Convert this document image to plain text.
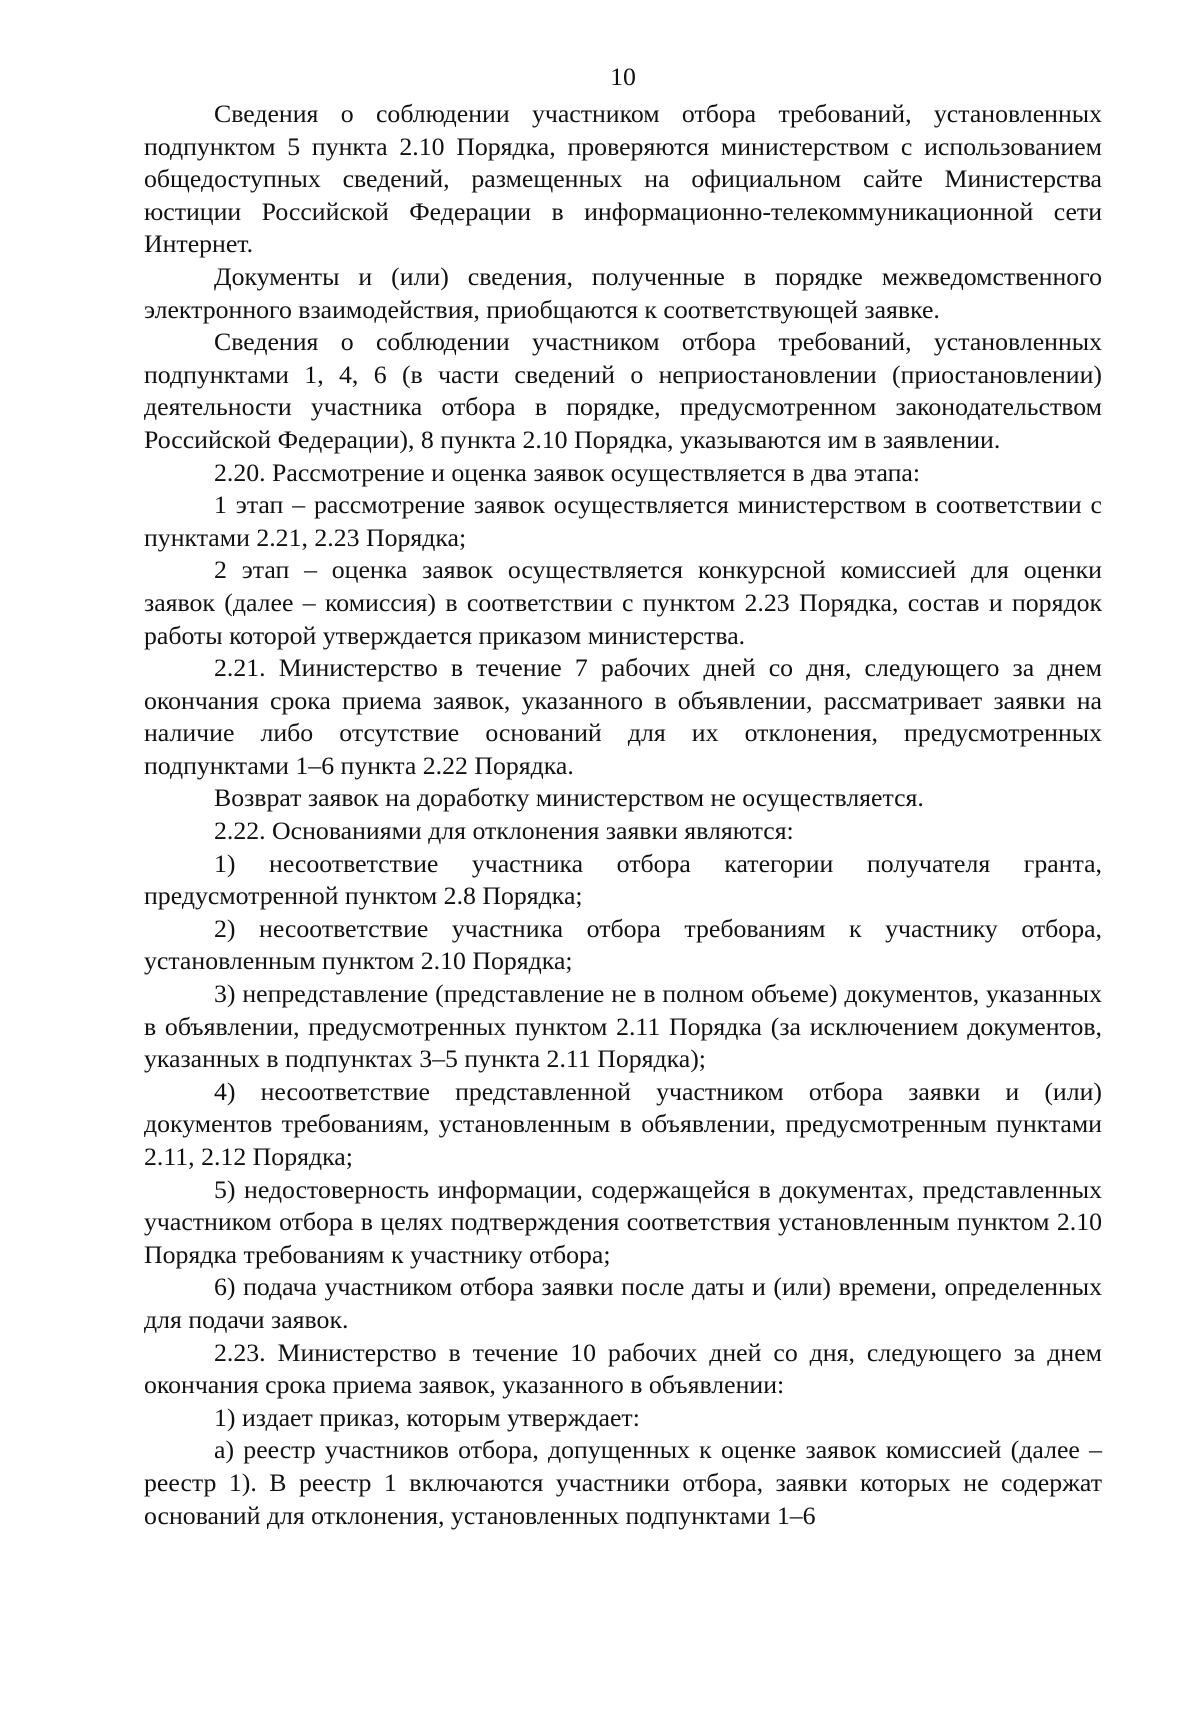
10

Сведения о соблюдении участником отбора требований, установленных подпунктом 5 пункта 2.10 Порядка, проверяются министерством с использованием общедоступных сведений, размещенных на официальном сайте Министерства юстиции Российской Федерации в информационно-телекоммуникационной сети Интернет.

Документы и (или) сведения, полученные в порядке межведомственного электронного взаимодействия, приобщаются к соответствующей заявке.

Сведения о соблюдении участником отбора требований, установленных подпунктами 1, 4, 6 (в части сведений о неприостановлении (приостановлении) деятельности участника отбора в порядке, предусмотренном законодательством Российской Федерации), 8 пункта 2.10 Порядка, указываются им в заявлении.

2.20. Рассмотрение и оценка заявок осуществляется в два этапа:

1 этап – рассмотрение заявок осуществляется министерством в соответствии с пунктами 2.21, 2.23 Порядка;

2 этап – оценка заявок осуществляется конкурсной комиссией для оценки заявок (далее – комиссия) в соответствии с пунктом 2.23 Порядка, состав и порядок работы которой утверждается приказом министерства.

2.21. Министерство в течение 7 рабочих дней со дня, следующего за днем окончания срока приема заявок, указанного в объявлении, рассматривает заявки на наличие либо отсутствие оснований для их отклонения, предусмотренных подпунктами 1–6 пункта 2.22 Порядка.

Возврат заявок на доработку министерством не осуществляется.

2.22. Основаниями для отклонения заявки являются:

1) несоответствие участника отбора категории получателя гранта, предусмотренной пунктом 2.8 Порядка;

2) несоответствие участника отбора требованиям к участнику отбора, установленным пунктом 2.10 Порядка;

3) непредставление (представление не в полном объеме) документов, указанных в объявлении, предусмотренных пунктом 2.11 Порядка (за исключением документов, указанных в подпунктах 3–5 пункта 2.11 Порядка);

4) несоответствие представленной участником отбора заявки и (или) документов требованиям, установленным в объявлении, предусмотренным пунктами 2.11, 2.12 Порядка;

5) недостоверность информации, содержащейся в документах, представленных участником отбора в целях подтверждения соответствия установленным пунктом 2.10 Порядка требованиям к участнику отбора;

6) подача участником отбора заявки после даты и (или) времени, определенных для подачи заявок.

2.23. Министерство в течение 10 рабочих дней со дня, следующего за днем окончания срока приема заявок, указанного в объявлении:

1) издает приказ, которым утверждает:

а) реестр участников отбора, допущенных к оценке заявок комиссией (далее – реестр 1). В реестр 1 включаются участники отбора, заявки которых не содержат оснований для отклонения, установленных подпунктами 1–6
